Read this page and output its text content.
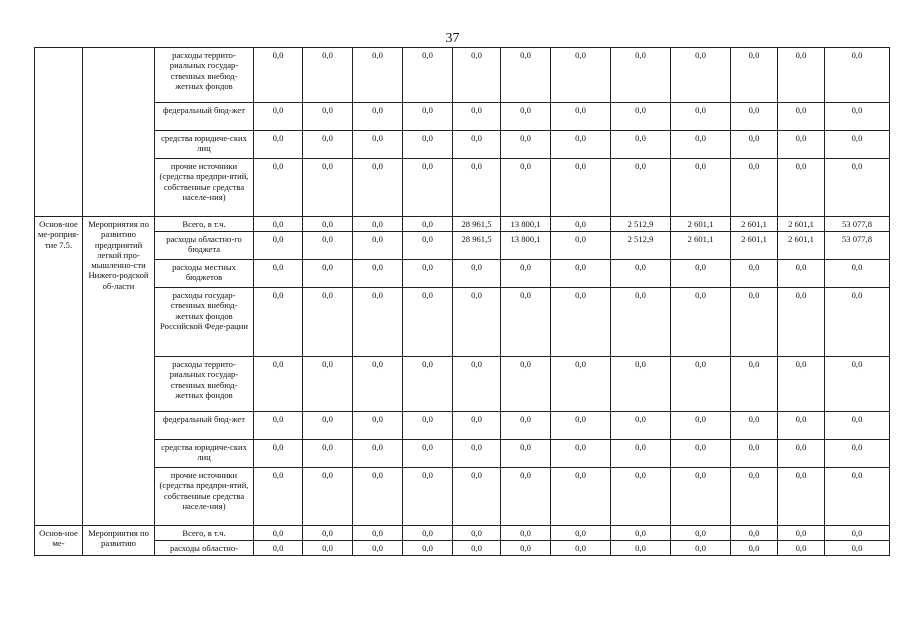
37
		расходы террито-риальных государ-ственных внебюд-жетных фондов	0,0	0,0	0,0	0,0	0,0	0,0	0,0	0,0	0,0	0,0	0,0	0,0
		федеральный бюд-жет	0,0	0,0	0,0	0,0	0,0	0,0	0,0	0,0	0,0	0,0	0,0	0,0
		средства юридиче-ских лиц	0,0	0,0	0,0	0,0	0,0	0,0	0,0	0,0	0,0	0,0	0,0	0,0
		прочие источники (средства предпри-ятий, собственные средства населе-ния)	0,0	0,0	0,0	0,0	0,0	0,0	0,0	0,0	0,0	0,0	0,0	0,0
Основ-ное ме-роприя-тие 7.5.	Мероприятия по развитию предприятий легкой про-мышленно-сти Нижего-родской об-ласти	Всего, в т.ч.	0,0	0,0	0,0	0,0	28 961,5	13 800,1	0,0	2 512,9	2 601,1	2 601,1	2 601,1	53 077,8
		расходы областно-го бюджета	0,0	0,0	0,0	0,0	28 961,5	13 800,1	0,0	2 512,9	2 601,1	2 601,1	2 601,1	53 077,8
		расходы местных бюджетов	0,0	0,0	0,0	0,0	0,0	0,0	0,0	0,0	0,0	0,0	0,0	0,0
		расходы государ-ственных внебюд-жетных фондов Российской Феде-рации	0,0	0,0	0,0	0,0	0,0	0,0	0,0	0,0	0,0	0,0	0,0	0,0
		расходы террито-риальных государ-ственных внебюд-жетных фондов	0,0	0,0	0,0	0,0	0,0	0,0	0,0	0,0	0,0	0,0	0,0	0,0
		федеральный бюд-жет	0,0	0,0	0,0	0,0	0,0	0,0	0,0	0,0	0,0	0,0	0,0	0,0
		средства юридиче-ских лиц	0,0	0,0	0,0	0,0	0,0	0,0	0,0	0,0	0,0	0,0	0,0	0,0
		прочие источники (средства предпри-ятий, собственные средства населе-ния)	0,0	0,0	0,0	0,0	0,0	0,0	0,0	0,0	0,0	0,0	0,0	0,0
Основ-ное ме-	Мероприятия по развитию	Всего, в т.ч.	0,0	0,0	0,0	0,0	0,0	0,0	0,0	0,0	0,0	0,0	0,0	0,0
		расходы областно-	0,0	0,0	0,0	0,0	0,0	0,0	0,0	0,0	0,0	0,0	0,0	0,0
